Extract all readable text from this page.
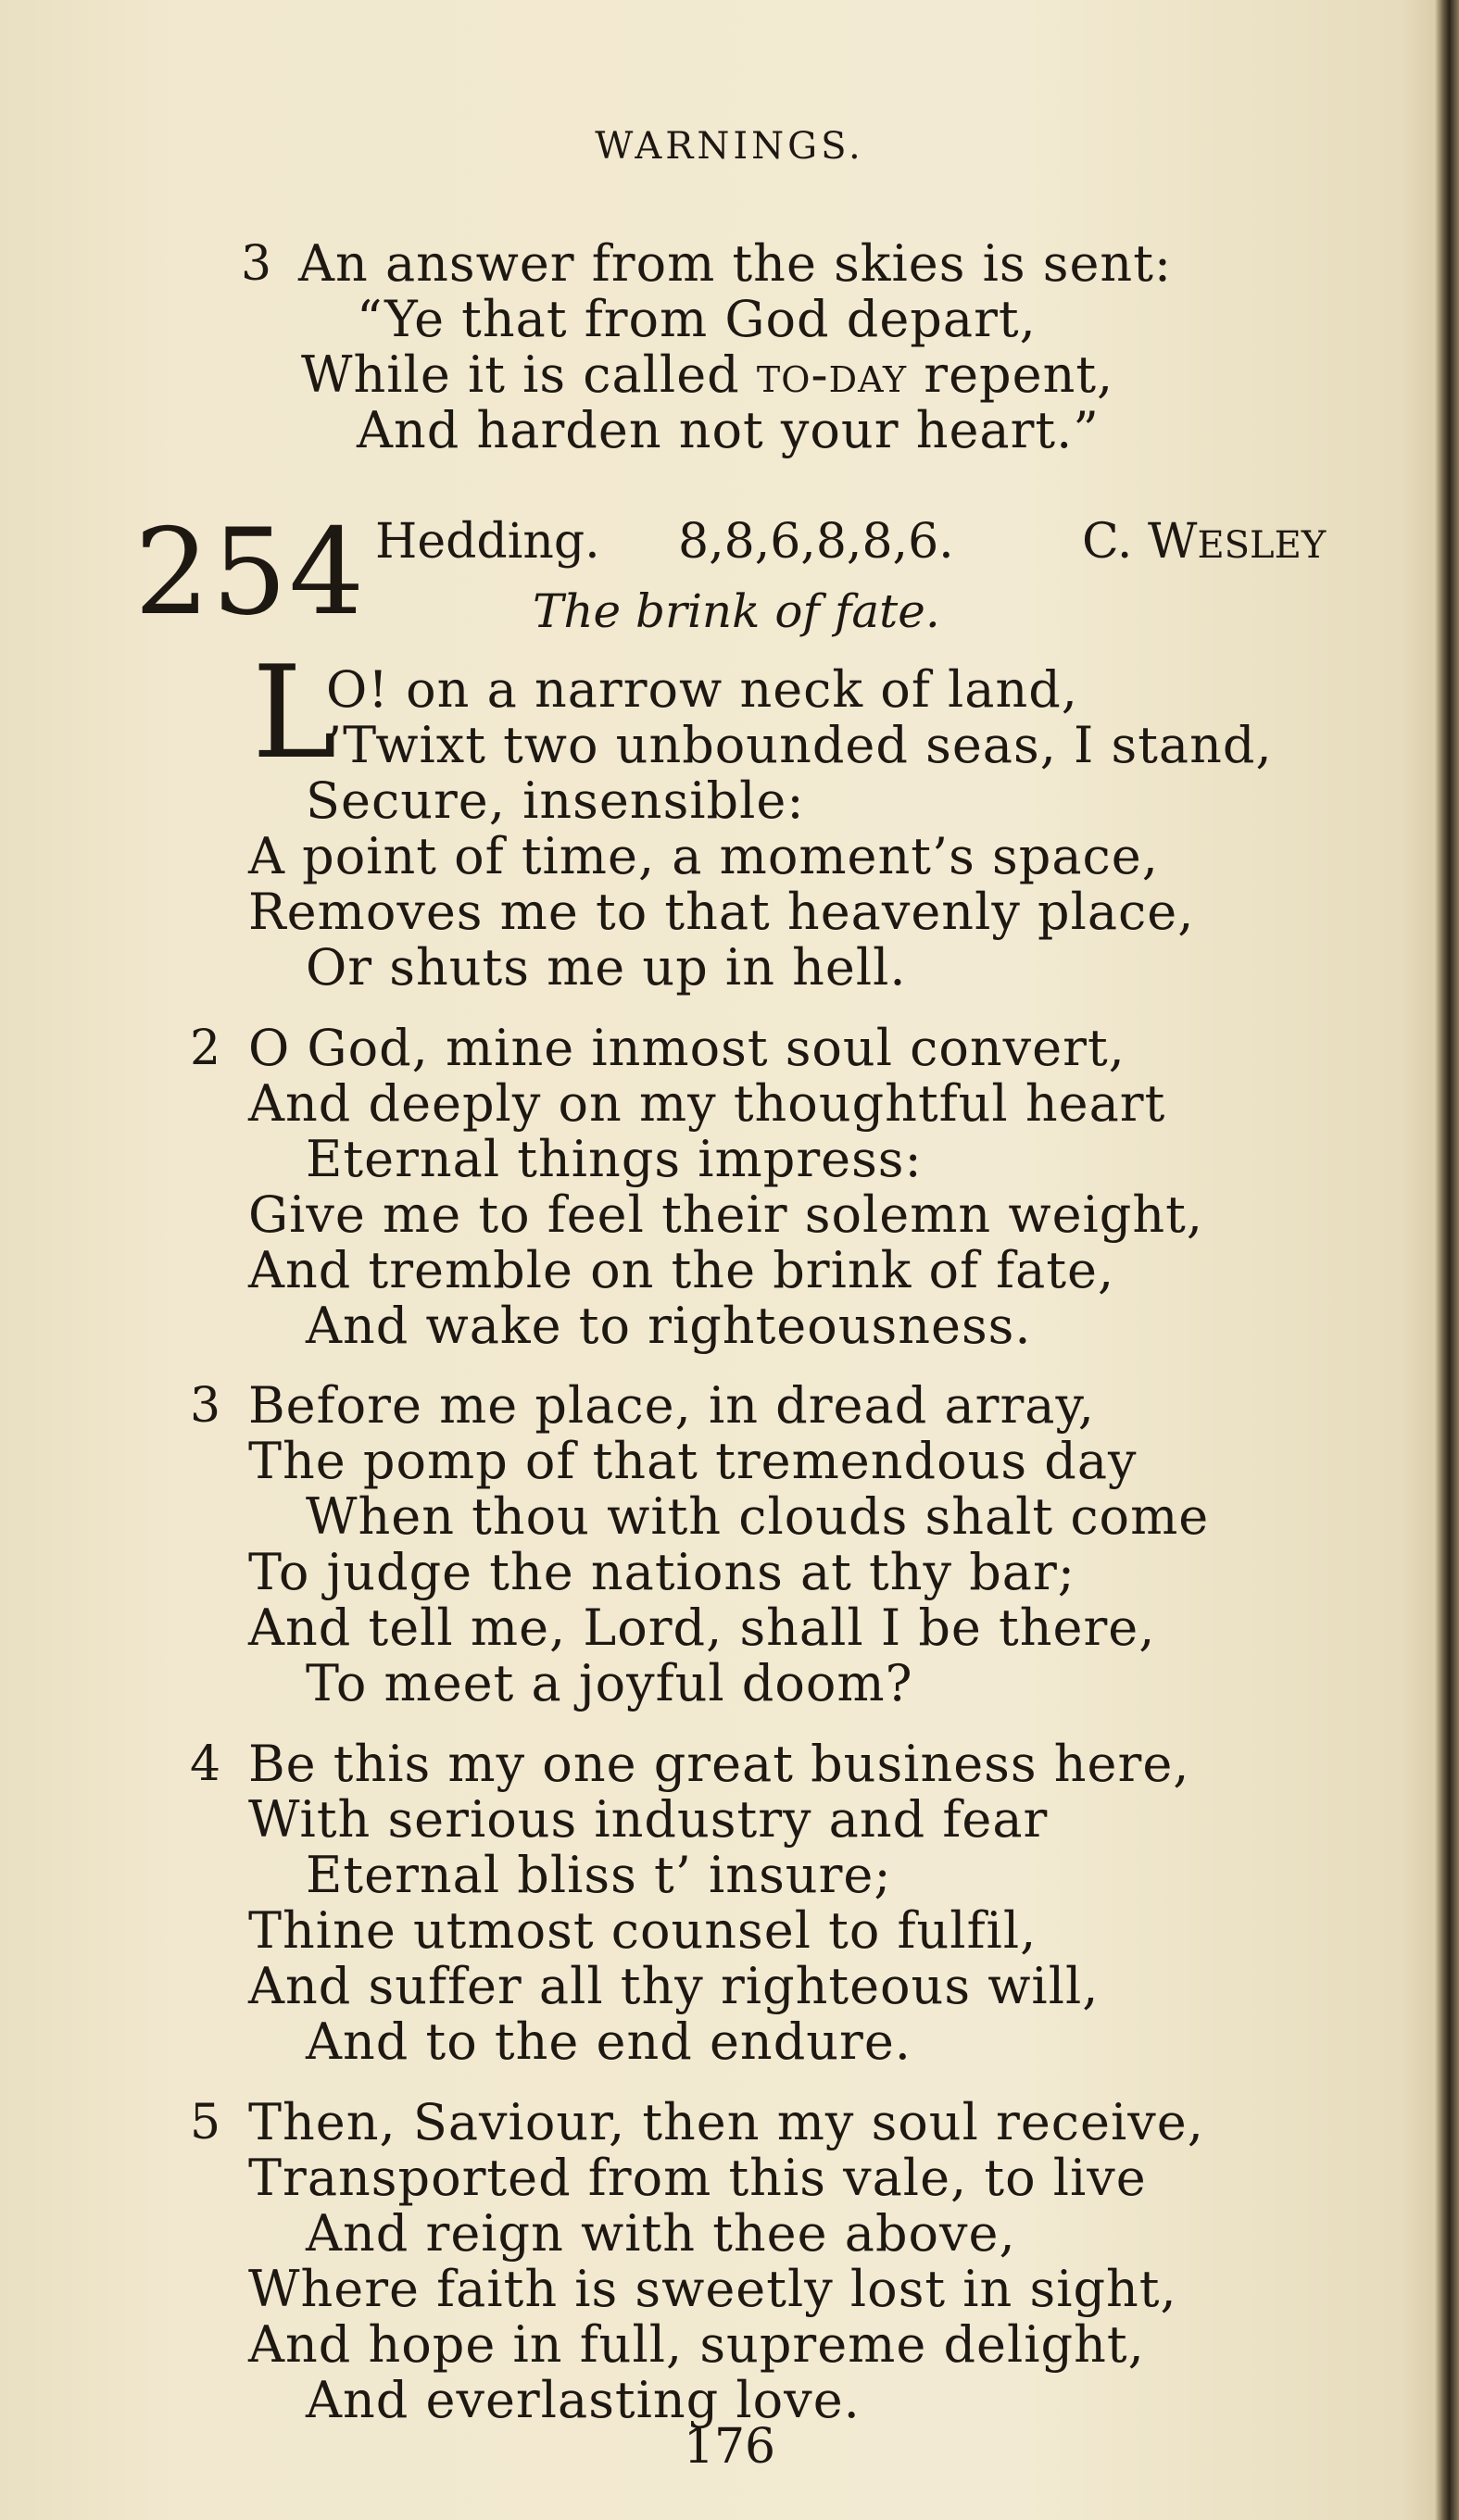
WARNINGS.
3 An answer from the skies is sent:
“Ye that from God depart,
While it is called to-day repent,
And harden not your heart.”
254 Hedding. 8,8,6,8,8,6.	C. WESLEY
The brink of fate.
L
O! on a narrow neck of land,
’Twixt two unbounded seas, I stand,
Secure, insensible:
A point of time, a moment’s space,
Removes me to that heavenly place,
Or shuts me up in hell.
2 O God, mine inmost soul convert,
And deeply on my thoughtful heart
Eternal things impress:
Give me to feel their solemn weight,
And tremble on the brink of fate,
And wake to righteousness.
3 Before me place, in dread array,
The pomp of that tremendous day
When thou with clouds shalt come
To judge the nations at thy bar;
And tell me, Lord, shall I be there,
To meet a joyful doom?
4 Be this my one great business here,
With serious industry and fear
Eternal bliss t’ insure;
Thine utmost counsel to fulfil,
And suffer all thy righteous will,
And to the end endure.
5 Then, Saviour, then my soul receive,
Transported from this vale, to live
And reign with thee above,
Where faith is sweetly lost in sight,
And hope in full, supreme delight,
And everlasting love.
176
